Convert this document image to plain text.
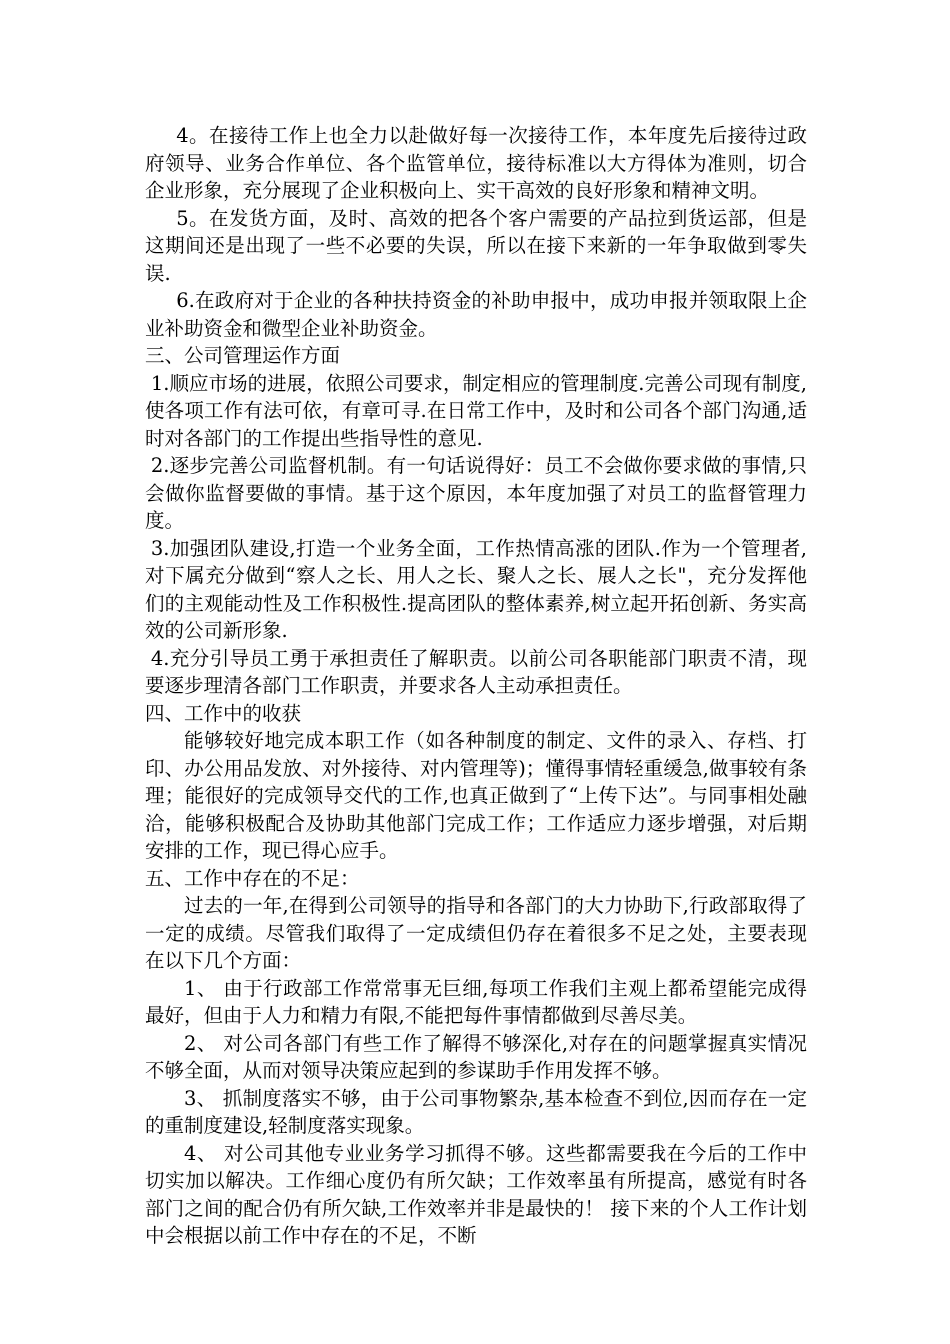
4。在接待工作上也全力以赴做好每一次接待工作，本年度先后接待过政府领导、业务合作单位、各个监管单位，接待标准以大方得体为准则，切合企业形象，充分展现了企业积极向上、实干高效的良好形象和精神文明。

5。在发货方面，及时、高效的把各个客户需要的产品拉到货运部，但是这期间还是出现了一些不必要的失误，所以在接下来新的一年争取做到零失误.

6.在政府对于企业的各种扶持资金的补助申报中，成功申报并领取限上企业补助资金和微型企业补助资金。

三、公司管理运作方面

1.顺应市场的进展，依照公司要求，制定相应的管理制度.完善公司现有制度,使各项工作有法可依，有章可寻.在日常工作中，及时和公司各个部门沟通,适时对各部门的工作提出些指导性的意见.

2.逐步完善公司监督机制。有一句话说得好：员工不会做你要求做的事情,只会做你监督要做的事情。基于这个原因，本年度加强了对员工的监督管理力度。

3.加强团队建设,打造一个业务全面，工作热情高涨的团队.作为一个管理者,对下属充分做到“察人之长、用人之长、聚人之长、展人之长"，充分发挥他们的主观能动性及工作积极性.提高团队的整体素养,树立起开拓创新、务实高效的公司新形象.

4.充分引导员工勇于承担责任了解职责。以前公司各职能部门职责不清，现要逐步理清各部门工作职责，并要求各人主动承担责任。

四、工作中的收获

能够较好地完成本职工作（如各种制度的制定、文件的录入、存档、打印、办公用品发放、对外接待、对内管理等)；懂得事情轻重缓急,做事较有条理；能很好的完成领导交代的工作,也真正做到了“上传下达”。与同事相处融洽，能够积极配合及协助其他部门完成工作；工作适应力逐步增强，对后期安排的工作，现已得心应手。

五、工作中存在的不足：

过去的一年,在得到公司领导的指导和各部门的大力协助下,行政部取得了一定的成绩。尽管我们取得了一定成绩但仍存在着很多不足之处，主要表现在以下几个方面：

1、 由于行政部工作常常事无巨细,每项工作我们主观上都希望能完成得最好，但由于人力和精力有限,不能把每件事情都做到尽善尽美。

2、 对公司各部门有些工作了解得不够深化,对存在的问题掌握真实情况不够全面，从而对领导决策应起到的参谋助手作用发挥不够。

3、 抓制度落实不够，由于公司事物繁杂,基本检查不到位,因而存在一定的重制度建设,轻制度落实现象。

4、 对公司其他专业业务学习抓得不够。这些都需要我在今后的工作中切实加以解决。工作细心度仍有所欠缺；工作效率虽有所提高，感觉有时各部门之间的配合仍有所欠缺,工作效率并非是最快的！ 接下来的个人工作计划中会根据以前工作中存在的不足，不断
